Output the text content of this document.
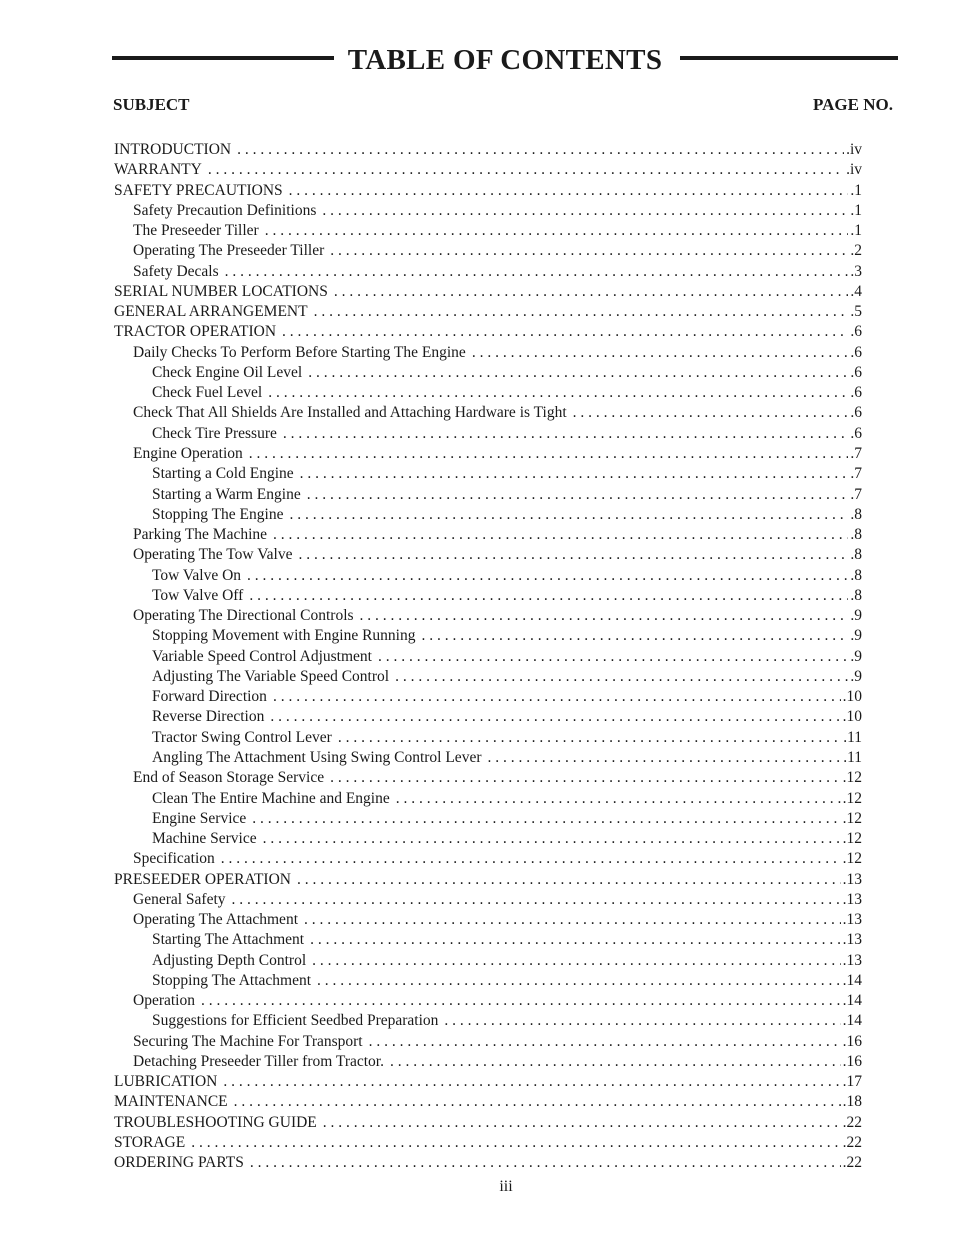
TABLE OF CONTENTS
SUBJECT	PAGE NO.
INTRODUCTION . . .	.iv
WARRANTY . . .	.iv
SAFETY PRECAUTIONS . . .	.1
Safety Precaution Definitions . . .	.1
The Preseeder Tiller . . .	.1
Operating The Preseeder Tiller . . .	.2
Safety Decals . . .	.3
SERIAL NUMBER LOCATIONS . . .	.4
GENERAL ARRANGEMENT . . .	.5
TRACTOR OPERATION . . .	.6
Daily Checks To Perform Before Starting The Engine . . .	.6
Check Engine Oil Level . . .	.6
Check Fuel Level . . .	.6
Check That All Shields Are Installed and Attaching Hardware is Tight . . .	.6
Check Tire Pressure . . .	.6
Engine Operation . . .	.7
Starting a Cold Engine . . .	.7
Starting a Warm Engine . . .	.7
Stopping The Engine . . .	.8
Parking The Machine . . .	.8
Operating The Tow Valve . . .	.8
Tow Valve On . . .	.8
Tow Valve Off . . .	.8
Operating The Directional Controls . . .	.9
Stopping Movement with Engine Running . . .	.9
Variable Speed Control Adjustment . . .	.9
Adjusting The Variable Speed Control . . .	.9
Forward Direction . . .	.10
Reverse Direction . . .	.10
Tractor Swing Control Lever . . .	.11
Angling The Attachment Using Swing Control Lever . . .	.11
End of Season Storage Service . . .	.12
Clean The Entire Machine and Engine . . .	.12
Engine Service . . .	.12
Machine Service . . .	.12
Specification . . .	.12
PRESEEDER OPERATION . . .	.13
General Safety . . .	.13
Operating The Attachment . . .	.13
Starting The Attachment . . .	.13
Adjusting Depth Control . . .	.13
Stopping The Attachment . . .	.14
Operation . . .	.14
Suggestions for Efficient Seedbed Preparation . . .	.14
Securing The Machine For Transport . . .	.16
Detaching Preseeder Tiller from Tractor. . . .	.16
LUBRICATION . . .	.17
MAINTENANCE . . .	.18
TROUBLESHOOTING GUIDE . . .	.22
STORAGE . . .	.22
ORDERING PARTS . . .	.22
iii
